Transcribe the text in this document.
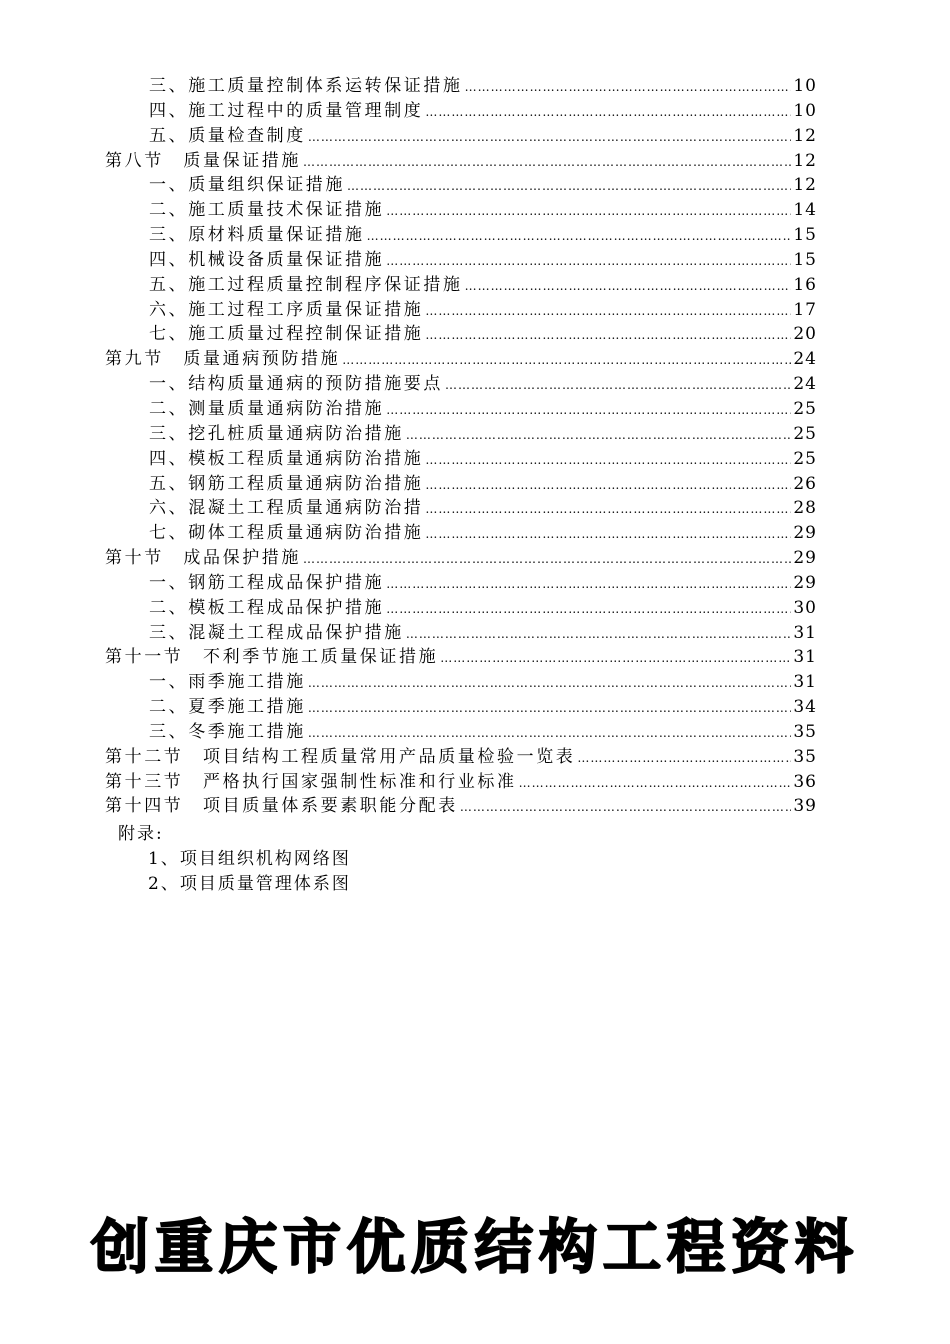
三、施工质量控制体系运转保证措施 …………………………………………………………………………………………………………………………………………………………………………………………………………………………	10
四、施工过程中的质量管理制度 …………………………………………………………………………………………………………………………………………………………………………………………………………………………	10
五、质量检查制度 …………………………………………………………………………………………………………………………………………………………………………………………………………………………	12
第八节　质量保证措施 …………………………………………………………………………………………………………………………………………………………………………………………………………………………	12
一、质量组织保证措施 …………………………………………………………………………………………………………………………………………………………………………………………………………………………	12
二、施工质量技术保证措施 …………………………………………………………………………………………………………………………………………………………………………………………………………………………	14
三、原材料质量保证措施 …………………………………………………………………………………………………………………………………………………………………………………………………………………………	15
四、机械设备质量保证措施 …………………………………………………………………………………………………………………………………………………………………………………………………………………………	15
五、施工过程质量控制程序保证措施 …………………………………………………………………………………………………………………………………………………………………………………………………………………………	16
六、施工过程工序质量保证措施 …………………………………………………………………………………………………………………………………………………………………………………………………………………………	17
七、施工质量过程控制保证措施 …………………………………………………………………………………………………………………………………………………………………………………………………………………………	20
第九节　质量通病预防措施 …………………………………………………………………………………………………………………………………………………………………………………………………………………………	24
一、结构质量通病的预防措施要点 …………………………………………………………………………………………………………………………………………………………………………………………………………………………	24
二、测量质量通病防治措施 …………………………………………………………………………………………………………………………………………………………………………………………………………………………	25
三、挖孔桩质量通病防治措施 …………………………………………………………………………………………………………………………………………………………………………………………………………………………	25
四、模板工程质量通病防治措施 …………………………………………………………………………………………………………………………………………………………………………………………………………………………	25
五、钢筋工程质量通病防治措施 …………………………………………………………………………………………………………………………………………………………………………………………………………………………	26
六、混凝土工程质量通病防治措 …………………………………………………………………………………………………………………………………………………………………………………………………………………………	28
七、砌体工程质量通病防治措施 …………………………………………………………………………………………………………………………………………………………………………………………………………………………	29
第十节　成品保护措施 …………………………………………………………………………………………………………………………………………………………………………………………………………………………	29
一、钢筋工程成品保护措施 …………………………………………………………………………………………………………………………………………………………………………………………………………………………	29
二、模板工程成品保护措施 …………………………………………………………………………………………………………………………………………………………………………………………………………………………	30
三、混凝土工程成品保护措施 …………………………………………………………………………………………………………………………………………………………………………………………………………………………	31
第十一节　不利季节施工质量保证措施 …………………………………………………………………………………………………………………………………………………………………………………………………………………………	31
一、雨季施工措施 …………………………………………………………………………………………………………………………………………………………………………………………………………………………	31
二、夏季施工措施 …………………………………………………………………………………………………………………………………………………………………………………………………………………………	34
三、冬季施工措施 …………………………………………………………………………………………………………………………………………………………………………………………………………………………	35
第十二节　项目结构工程质量常用产品质量检验一览表 …………………………………………………………………………………………………………………………………………………………………………………………………………………………	35
第十三节　严格执行国家强制性标准和行业标准 …………………………………………………………………………………………………………………………………………………………………………………………………………………………	36
第十四节　项目质量体系要素职能分配表 …………………………………………………………………………………………………………………………………………………………………………………………………………………………	39
附录:
1、项目组织机构网络图
2、项目质量管理体系图
创重庆市优质结构工程资料
